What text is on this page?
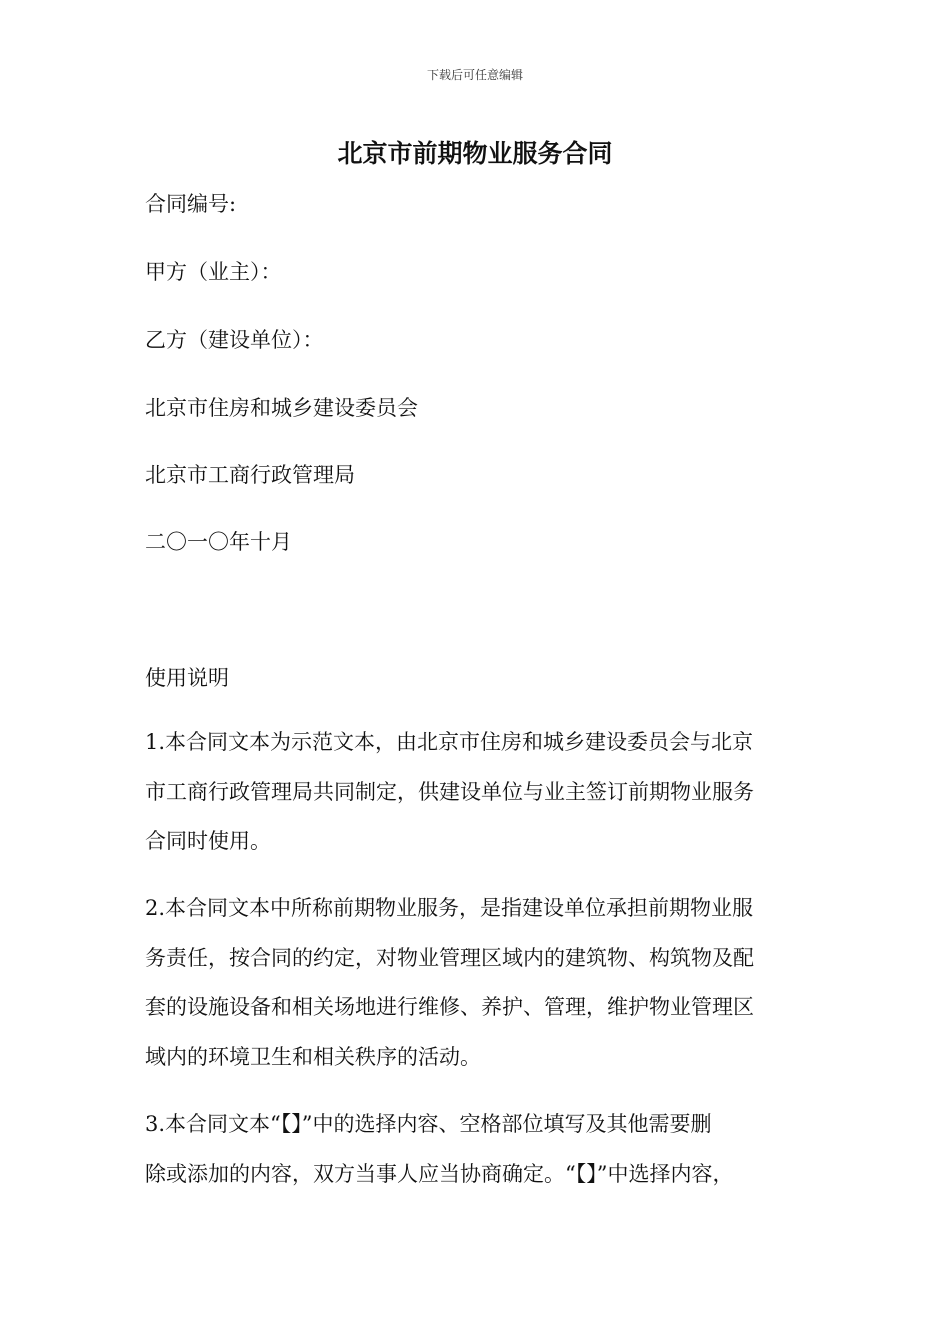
下载后可任意编辑
北京市前期物业服务合同
合同编号:
甲方（业主）：
乙方（建设单位）：
北京市住房和城乡建设委员会
北京市工商行政管理局
二〇一〇年十月
使用说明
1.本合同文本为示范文本，由北京市住房和城乡建设委员会与北京
市工商行政管理局共同制定，供建设单位与业主签订前期物业服务
合同时使用。
2.本合同文本中所称前期物业服务，是指建设单位承担前期物业服
务责任，按合同的约定，对物业管理区域内的建筑物、构筑物及配
套的设施设备和相关场地进行维修、养护、管理，维护物业管理区
域内的环境卫生和相关秩序的活动。
3.本合同文本“【】”中的选择内容、空格部位填写及其他需要删
除或添加的内容，双方当事人应当协商确定。“【】”中选择内容，
